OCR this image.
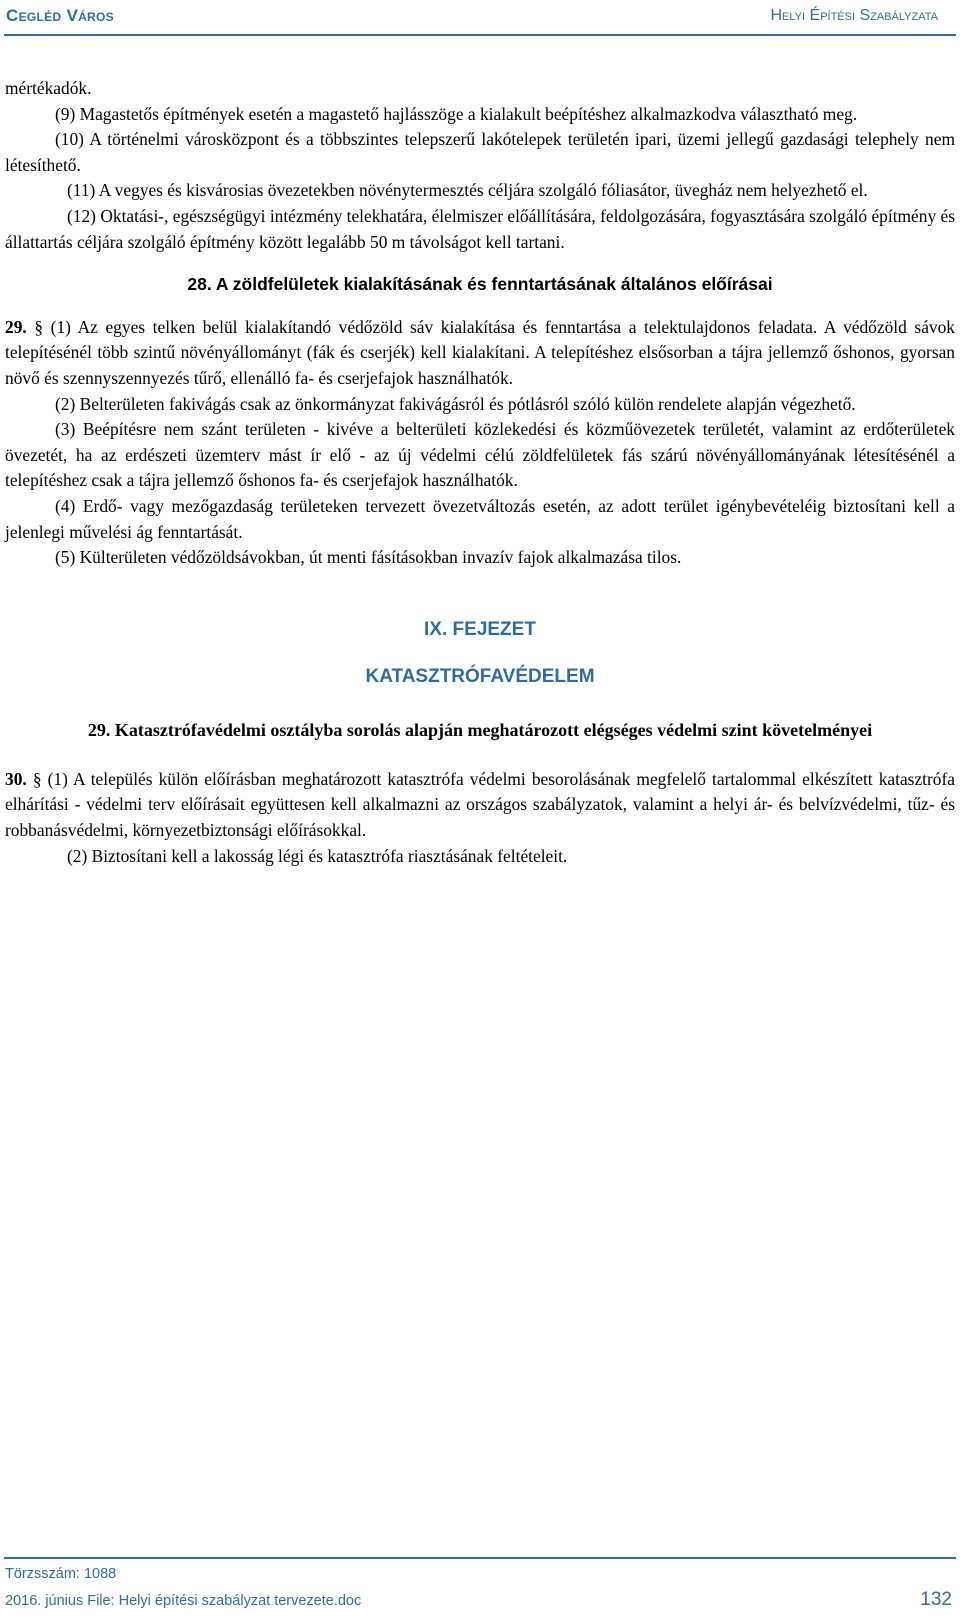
Cegléd Város	Helyi Építési Szabályzata

mértékadók.

(9) Magastetős építmények esetén a magastető hajlásszöge a kialakult beépítéshez alkalmazkodva választható meg.

(10) A történelmi városközpont és a többszintes telepszerű lakótelepek területén ipari, üzemi jellegű gazdasági telephely nem létesíthető.

(11) A vegyes és kisvárosias övezetekben növénytermesztés céljára szolgáló fóliasátor, üvegház nem helyezhető el.

(12) Oktatási-, egészségügyi intézmény telekhatára, élelmiszer előállítására, feldolgozására, fogyasztására szolgáló építmény és állattartás céljára szolgáló építmény között legalább 50 m távolságot kell tartani.

28. A zöldfelületek kialakításának és fenntartásának általános előírásai

29. § (1) Az egyes telken belül kialakítandó védőzöld sáv kialakítása és fenntartása a telektulajdonos feladata. A védőzöld sávok telepítésénél több szintű növényállományt (fák és cserjék) kell kialakítani. A telepítéshez elsősorban a tájra jellemző őshonos, gyorsan növő és szennyszennyezés tűrő, ellenálló fa- és cserjefajok használhatók.

(2) Belterületen fakivágás csak az önkormányzat fakivágásról és pótlásról szóló külön rendelete alapján végezhető.

(3) Beépítésre nem szánt területen - kivéve a belterületi közlekedési és közműövezetek területét, valamint az erdőterületek övezetét, ha az erdészeti üzemterv mást ír elő - az új védelmi célú zöldfelületek fás szárú növényállományának létesítésénél a telepítéshez csak a tájra jellemző őshonos fa- és cserjefajok használhatók.

(4) Erdő- vagy mezőgazdaság területeken tervezett övezetváltozás esetén, az adott terület igénybevételéig biztosítani kell a jelenlegi művelési ág fenntartását.

(5) Külterületen védőzöldsávokban, út menti fásításokban invazív fajok alkalmazása tilos.

IX. FEJEZET

KATASZTRÓFAVÉDELEM

29. Katasztrófavédelmi osztályba sorolás alapján meghatározott elégséges védelmi szint követelményei

30. § (1) A település külön előírásban meghatározott katasztrófa védelmi besorolásának megfelelő tartalommal elkészített katasztrófa elhárítási - védelmi terv előírásait együttesen kell alkalmazni az országos szabályzatok, valamint a helyi ár- és belvízvédelmi, tűz- és robbanásvédelmi, környezetbiztonsági előírásokkal.

(2) Biztosítani kell a lakosság légi és katasztrófa riasztásának feltételeit.

Törzsszám: 1088
2016. június File: Helyi építési szabályzat tervezete.doc	132
